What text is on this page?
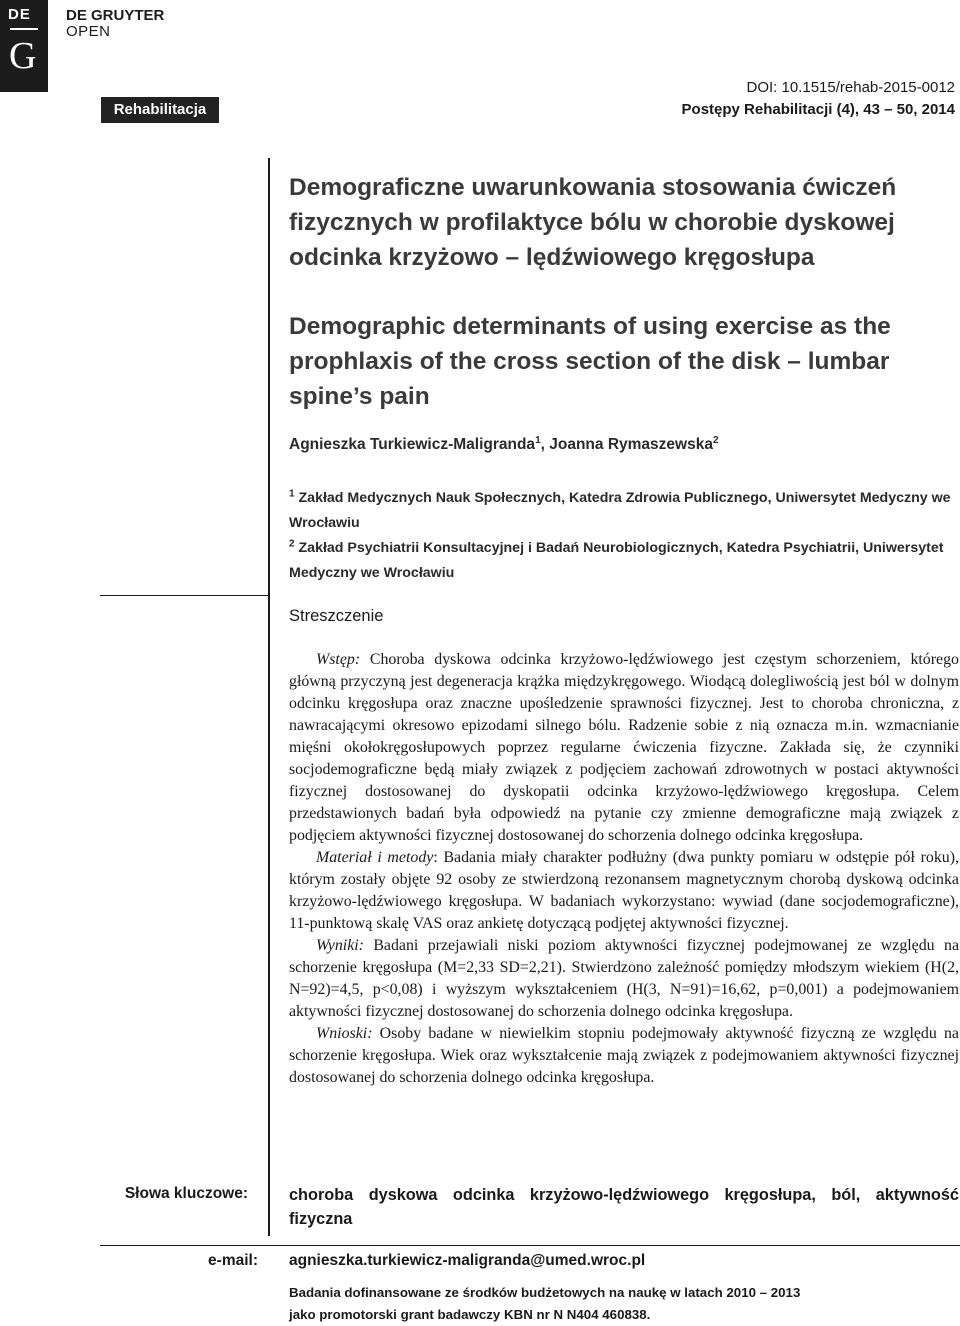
DE
G
DE GRUYTER
OPEN
Rehabilitacja
DOI: 10.1515/rehab-2015-0012
Postępy Rehabilitacji (4), 43 – 50, 2014
Demograficzne uwarunkowania stosowania ćwiczeń
fizycznych w profilaktyce bólu w chorobie dyskowej
odcinka krzyżowo – lędźwiowego kręgosłupa
Demographic determinants of using exercise as the
prophlaxis of the cross section of the disk – lumbar
spine’s pain
Agnieszka Turkiewicz-Maligranda$^1$, Joanna Rymaszewska$^2$

$^1$ Zakład Medycznych Nauk Społecznych, Katedra Zdrowia Publicznego, Uniwersytet Medyczny we Wrocławiu

$^2$ Zakład Psychiatrii Konsultacyjnej i Badań Neurobiologicznych, Katedra Psychiatrii, Uniwersytet Medyczny we Wrocławiu

Streszczenie

Wstęp: Choroba dyskowa odcinka krzyżowo-lędźwiowego jest częstym schorzeniem, którego główną przyczyną jest degeneracja krążka międzykręgowego. Wiodącą dolegliwością jest ból w dolnym odcinku kręgosłupa oraz znaczne upośledzenie sprawności fizycznej. Jest to choroba chroniczna, z nawracającymi okresowo epizodami silnego bólu. Radzenie sobie z nią oznacza m.in. wzmacnianie mięśni okołokręgosłupowych poprzez regularne ćwiczenia fizyczne. Zakłada się, że czynniki socjodemograficzne będą miały związek z podjęciem zachowań zdrowotnych w postaci aktywności fizycznej dostosowanej do dyskopatii odcinka krzyżowo-lędźwiowego kręgosłupa. Celem przedstawionych badań była odpowiedź na pytanie czy zmienne demograficzne mają związek z podjęciem aktywności fizycznej dostosowanej do schorzenia dolnego odcinka kręgosłupa.

Materiał i metody: Badania miały charakter podłużny (dwa punkty pomiaru w odstępie pół roku), którym zostały objęte 92 osoby ze stwierdzoną rezonansem magnetycznym chorobą dyskową odcinka krzyżowo-lędźwiowego kręgosłupa. W badaniach wykorzystano: wywiad (dane socjodemograficzne), 11-punktową skalę VAS oraz ankietę dotyczącą podjętej aktywności fizycznej.

Wyniki: Badani przejawiali niski poziom aktywności fizycznej podejmowanej ze względu na schorzenie kręgosłupa (M=2,33 SD=2,21). Stwierdzono zależność pomiędzy młodszym wiekiem (H(2, N=92)=4,5, p<0,08) i wyższym wykształceniem (H(3, N=91)=16,62, p=0,001) a podejmowaniem aktywności fizycznej dostosowanej do schorzenia dolnego odcinka kręgosłupa.

Wnioski: Osoby badane w niewielkim stopniu podejmowały aktywność fizyczną ze względu na schorzenie kręgosłupa. Wiek oraz wykształcenie mają związek z podejmowaniem aktywności fizycznej dostosowanej do schorzenia dolnego odcinka kręgosłupa.

Słowa kluczowe:	choroba dyskowa odcinka krzyżowo-lędźwiowego kręgosłupa, ból, aktywność fizyczna
e-mail: agnieszka.turkiewicz-maligranda@umed.wroc.pl

Badania dofinansowane ze środków budżetowych na naukę w latach 2010 – 2013

jako promotorski grant badawczy KBN nr N N404 460838.
